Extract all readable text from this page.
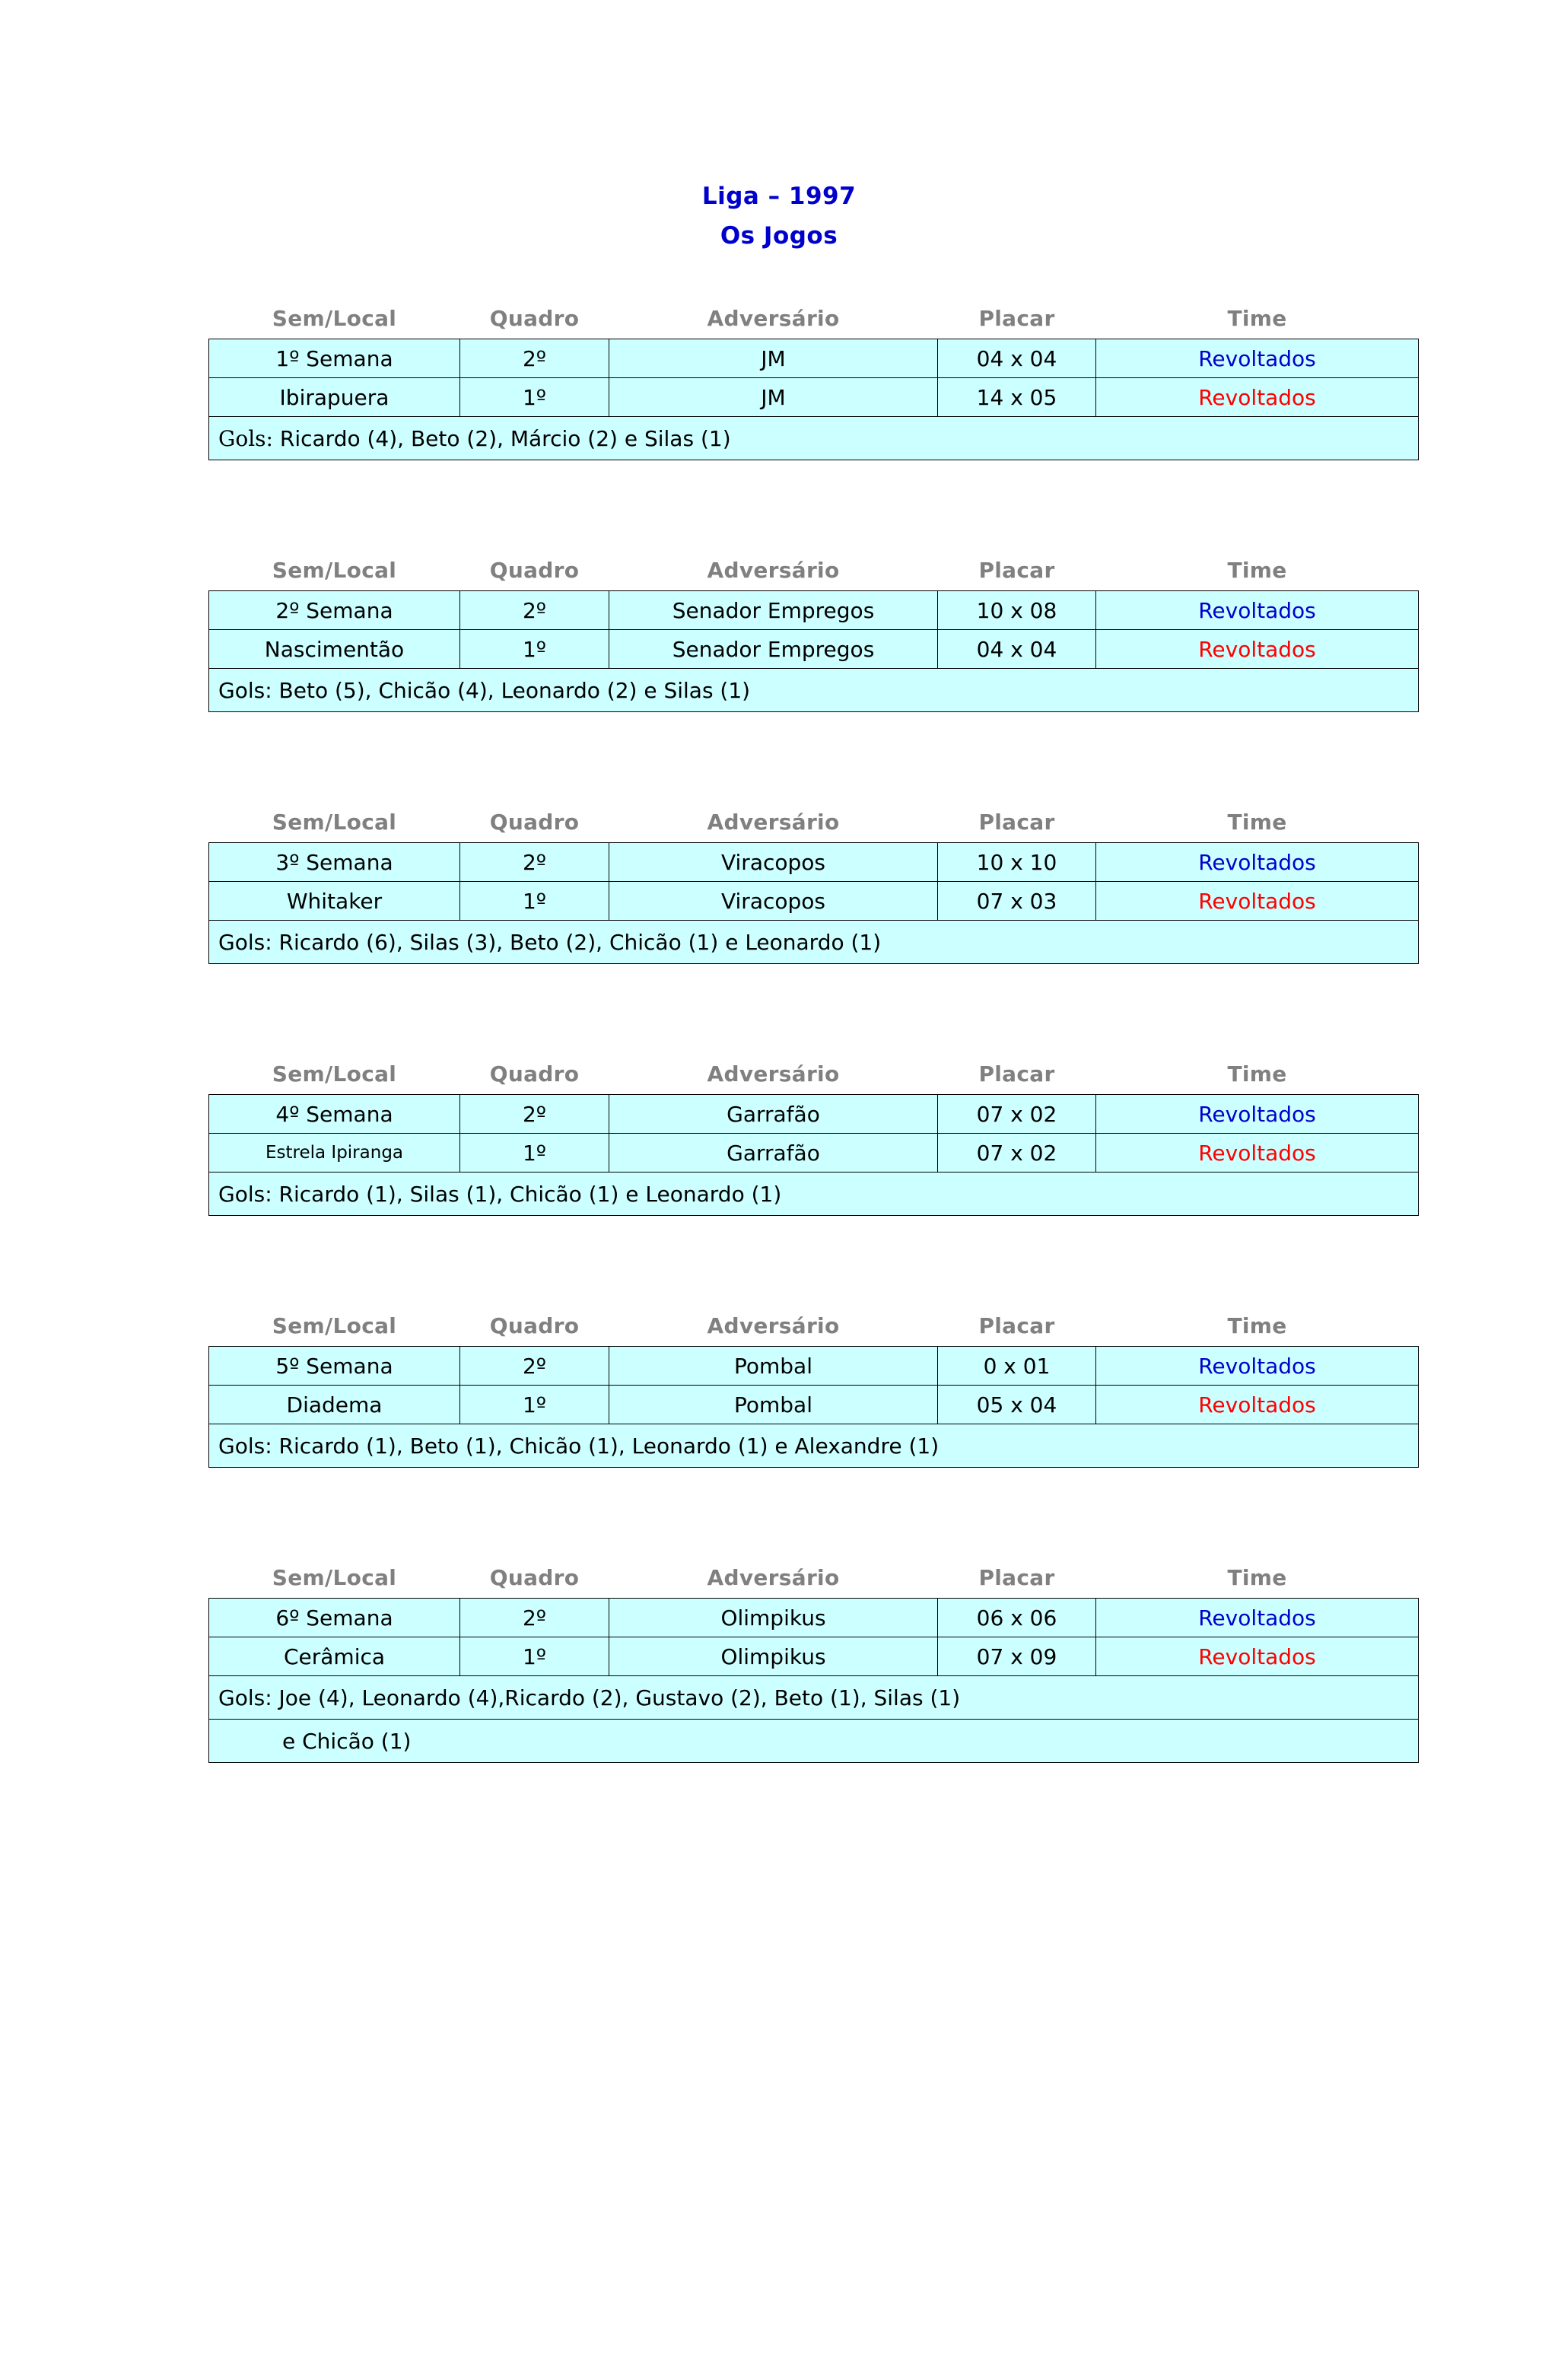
Liga – 1997
Os Jogos
Sem/Local	Quadro	Adversário	Placar	Time
1º Semana	2º	JM	04 x 04	Revoltados
Ibirapuera	1º	JM	14 x 05	Revoltados
Gols: Ricardo (4), Beto (2), Márcio (2) e Silas (1)				
Sem/Local	Quadro	Adversário	Placar	Time
2º Semana	2º	Senador Empregos	10 x 08	Revoltados
Nascimentão	1º	Senador Empregos	04 x 04	Revoltados
Gols: Beto (5), Chicão (4), Leonardo (2) e Silas (1)				
Sem/Local	Quadro	Adversário	Placar	Time
3º Semana	2º	Viracopos	10 x 10	Revoltados
Whitaker	1º	Viracopos	07 x 03	Revoltados
Gols: Ricardo (6), Silas (3), Beto (2), Chicão (1) e Leonardo (1)				
Sem/Local	Quadro	Adversário	Placar	Time
4º Semana	2º	Garrafão	07 x 02	Revoltados
Estrela Ipiranga	1º	Garrafão	07 x 02	Revoltados
Gols: Ricardo (1), Silas (1), Chicão (1) e Leonardo (1)				
Sem/Local	Quadro	Adversário	Placar	Time
5º Semana	2º	Pombal	0 x 01	Revoltados
Diadema	1º	Pombal	05 x 04	Revoltados
Gols: Ricardo (1), Beto (1), Chicão (1), Leonardo (1) e Alexandre (1)				
Sem/Local	Quadro	Adversário	Placar	Time
6º Semana	2º	Olimpikus	06 x 06	Revoltados
Cerâmica	1º	Olimpikus	07 x 09	Revoltados
Gols: Joe (4), Leonardo (4),Ricardo (2), Gustavo (2), Beto (1), Silas (1)				
e Chicão (1)				
